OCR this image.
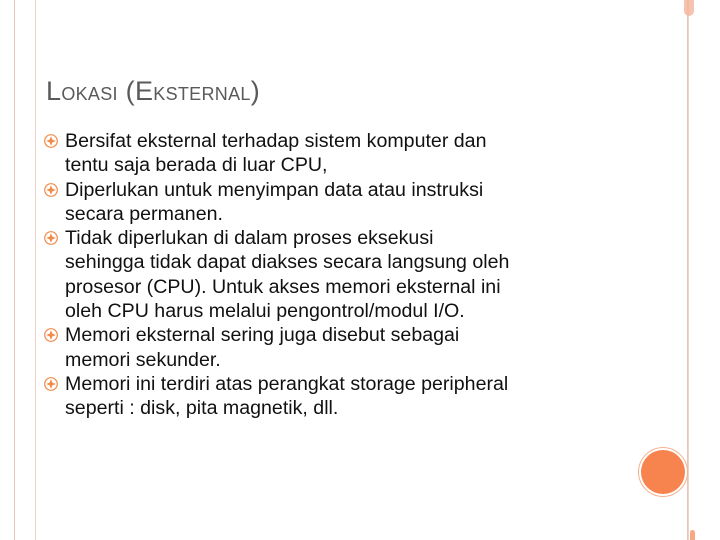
LOKASI (EKSTERNAL)
Bersifat eksternal terhadap sistem komputer dan
tentu saja berada di luar CPU,
Diperlukan untuk menyimpan data atau instruksi
secara permanen.
Tidak diperlukan di dalam proses eksekusi
sehingga tidak dapat diakses secara langsung oleh
prosesor (CPU). Untuk akses memori eksternal ini
oleh CPU harus melalui pengontrol/modul I/O.
Memori eksternal sering juga disebut sebagai
memori sekunder.
Memori ini terdiri atas perangkat storage peripheral
seperti : disk, pita magnetik, dll.
